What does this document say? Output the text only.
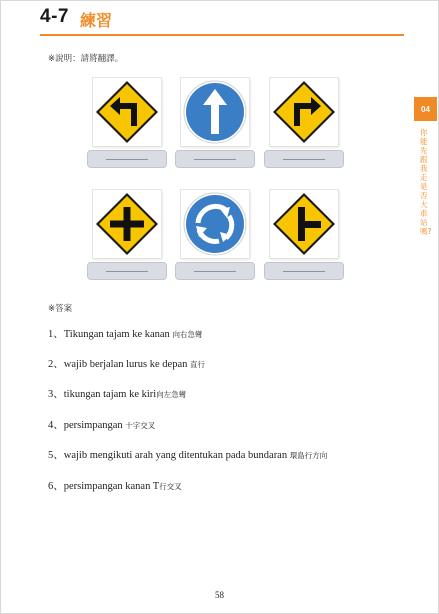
4-7 練習
※說明：請將翻譯。
※答案
1、Tikungan tajam ke kanan 向右急彎
2、wajib berjalan lurus ke depan 直行
3、tikungan tajam ke kiri向左急彎
4、persimpangan 十字交叉
5、wajib mengikuti arah yang ditentukan pada bundaran 環島行方向
6、persimpangan kanan T行交叉
04
你能先跟我走是否大車站嗎?
58
